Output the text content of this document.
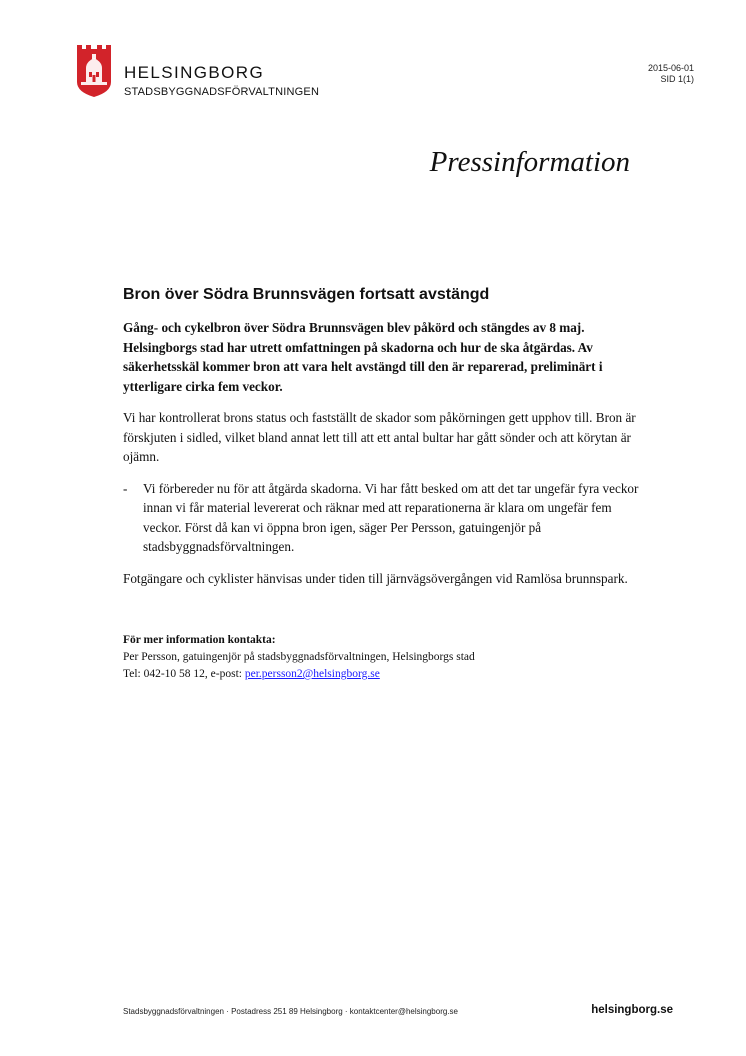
HELSINGBORG
STADSBYGGNADSFÖRVALTNINGEN
2015-06-01
SID 1(1)
Pressinformation
Bron över Södra Brunnsvägen fortsatt avstängd

Gång- och cykelbron över Södra Brunnsvägen blev påkörd och stängdes av 8 maj. Helsingborgs stad har utrett omfattningen på skadorna och hur de ska åtgärdas. Av säkerhetsskäl kommer bron att vara helt avstängd till den är reparerad, preliminärt i ytterligare cirka fem veckor.

Vi har kontrollerat brons status och fastställt de skador som påkörningen gett upphov till. Bron är förskjuten i sidled, vilket bland annat lett till att ett antal bultar har gått sönder och att körytan är ojämn.

- Vi förbereder nu för att åtgärda skadorna. Vi har fått besked om att det tar ungefär fyra veckor innan vi får material levererat och räknar med att reparationerna är klara om ungefär fem veckor. Först då kan vi öppna bron igen, säger Per Persson, gatuingenjör på stadsbyggnadsförvaltningen.

Fotgängare och cyklister hänvisas under tiden till järnvägsövergången vid Ramlösa brunnspark.

För mer information kontakta:
Per Persson, gatuingenjör på stadsbyggnadsförvaltningen, Helsingborgs stad
Tel: 042-10 58 12, e-post: per.persson2@helsingborg.se
Stadsbyggnadsförvaltningen · Postadress 251 89 Helsingborg · kontaktcenter@helsingborg.se	helsingborg.se
